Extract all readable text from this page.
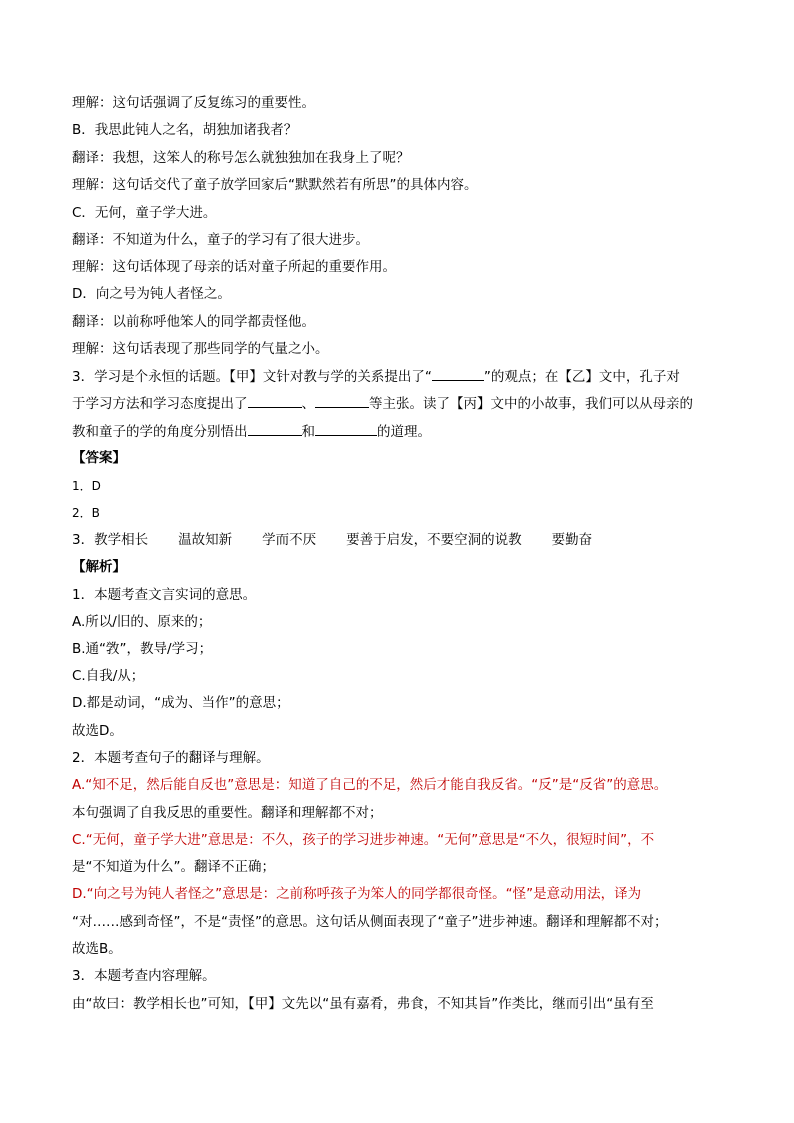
理解：这句话强调了反复练习的重要性。
B．我思此钝人之名，胡独加诸我者？
翻译：我想，这笨人的称号怎么就独独加在我身上了呢？
理解：这句话交代了童子放学回家后“默默然若有所思”的具体内容。
C．无何，童子学大进。
翻译：不知道为什么，童子的学习有了很大进步。
理解：这句话体现了母亲的话对童子所起的重要作用。
D．向之号为钝人者怪之。
翻译：以前称呼他笨人的同学都责怪他。
理解：这句话表现了那些同学的气量之小。
3．学习是个永恒的话题。【甲】文针对教与学的关系提出了“	”的观点；在【乙】文中，孔子对
于学习方法和学习态度提出了	、	等主张。读了【丙】文中的小故事，我们可以从母亲的
教和童子的学的角度分别悟出	和	的道理。
【答案】
1．D
2．B
3．教学相长 温故知新 学而不厌 要善于启发，不要空洞的说教 要勤奋
【解析】
1．本题考查文言实词的意思。
A.所以/旧的、原来的；
B.通“敩”，教导/学习；
C.自我/从；
D.都是动词，“成为、当作”的意思；
故选D。
2．本题考查句子的翻译与理解。
A.“知不足，然后能自反也”意思是：知道了自己的不足，然后才能自我反省。“反”是“反省”的意思。
本句强调了自我反思的重要性。翻译和理解都不对；
C.“无何，童子学大进”意思是：不久，孩子的学习进步神速。“无何”意思是“不久，很短时间”，不
是“不知道为什么”。翻译不正确；
D.“向之号为钝人者怪之”意思是：之前称呼孩子为笨人的同学都很奇怪。“怪”是意动用法，译为
“对……感到奇怪”，不是“责怪”的意思。这句话从侧面表现了“童子”进步神速。翻译和理解都不对；
故选B。
3．本题考查内容理解。
由“故曰：教学相长也”可知，【甲】文先以“虽有嘉肴，弗食，不知其旨”作类比，继而引出“虽有至
